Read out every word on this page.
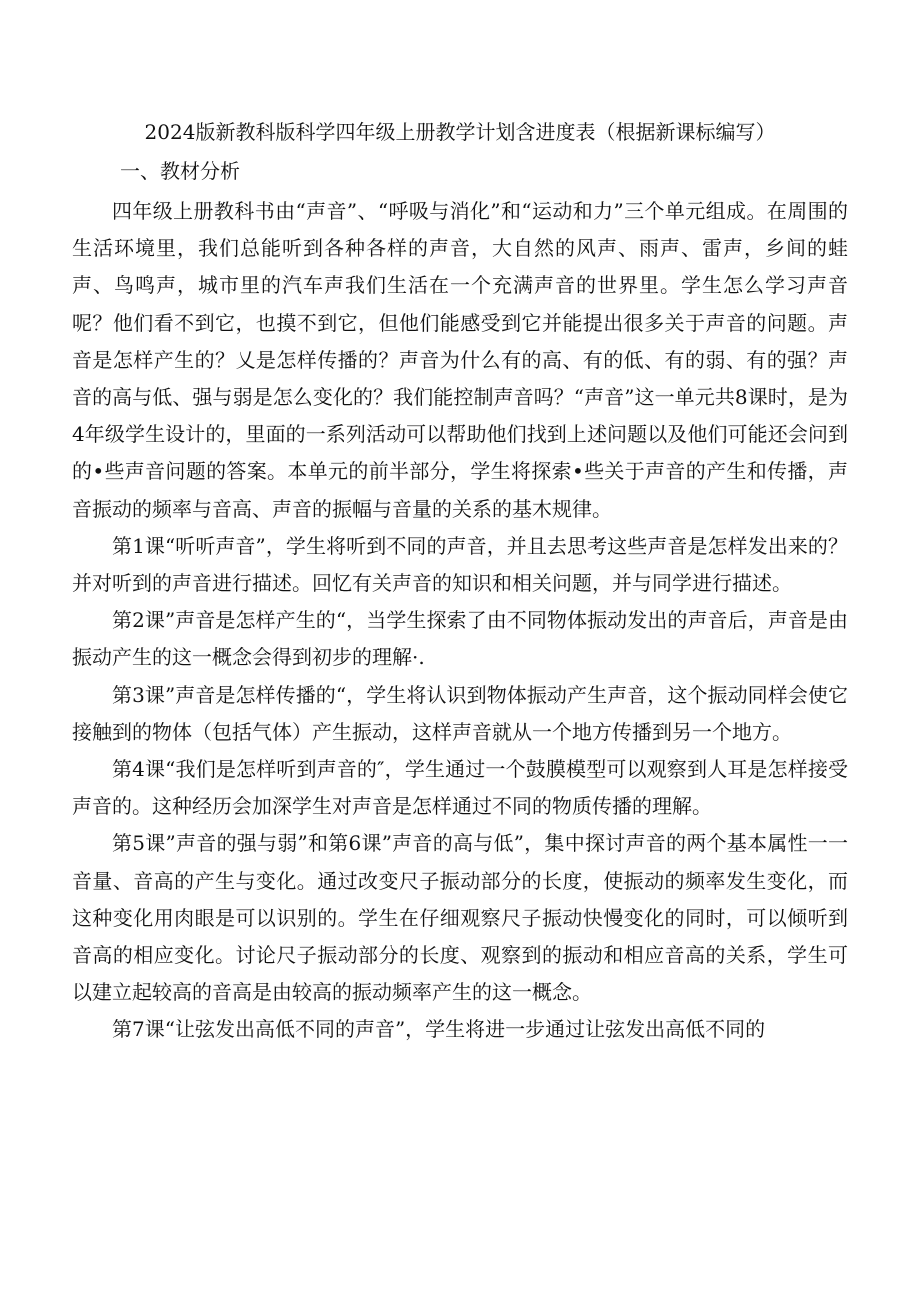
2024版新教科版科学四年级上册教学计划含进度表（根据新课标编写）
一、教材分析

四年级上册教科书由“声音”、“呼吸与消化”和“运动和力”三个单元组成。在周围的生活环境里，我们总能听到各种各样的声音，大自然的风声、雨声、雷声，乡间的蛙声、鸟鸣声，城市里的汽车声我们生活在一个充满声音的世界里。学生怎么学习声音呢？他们看不到它，也摸不到它，但他们能感受到它并能提出很多关于声音的问题。声音是怎样产生的？乂是怎样传播的？声音为什么有的高、有的低、有的弱、有的强？声音的高与低、强与弱是怎么变化的？我们能控制声音吗？“声音”这一单元共8课时，是为4年级学生设计的，里面的一系列活动可以帮助他们找到上述问题以及他们可能还会问到的•些声音问题的答案。本单元的前半部分，学生将探索•些关于声音的产生和传播，声音振动的频率与音高、声音的振幅与音量的关系的基木规律。

第1课“听听声音”，学生将听到不同的声音，并且去思考这些声音是怎样发出来的？并对听到的声音进行描述。回忆有关声音的知识和相关问题，并与同学进行描述。

第2课”声音是怎样产生的“，当学生探索了由不同物体振动发出的声音后，声音是由振动产生的这一概念会得到初步的理解·.

第3课”声音是怎样传播的“，学生将认识到物体振动产生声音，这个振动同样会使它接触到的物体（包括气体）产生振动，这样声音就从一个地方传播到另一个地方。

第4课“我们是怎样听到声音的″，学生通过一个鼓膜模型可以观察到人耳是怎样接受声音的。这种经历会加深学生对声音是怎样通过不同的物质传播的理解。

第5课”声音的强与弱”和第6课”声音的高与低”，集中探讨声音的两个基本属性一一音量、音高的产生与变化。通过改变尺子振动部分的长度，使振动的频率发生变化，而这种变化用肉眼是可以识别的。学生在仔细观察尺子振动快慢变化的同时，可以倾听到音高的相应变化。讨论尺子振动部分的长度、观察到的振动和相应音高的关系，学生可以建立起较高的音高是由较高的振动频率产生的这一概念。

第7课“让弦发出高低不同的声音”，学生将进一步通过让弦发出高低不同的
